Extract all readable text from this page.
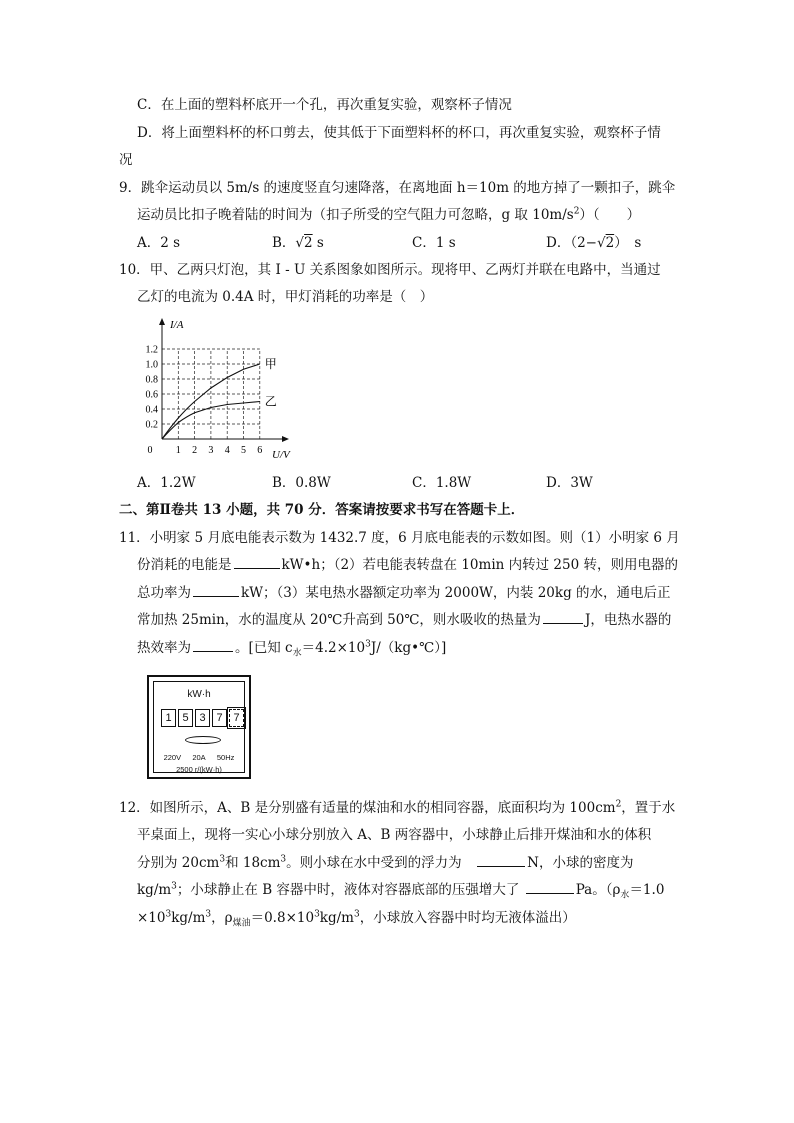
C．在上面的塑料杯底开一个孔，再次重复实验，观察杯子情况
D．将上面塑料杯的杯口剪去，使其低于下面塑料杯的杯口，再次重复实验，观察杯子情
况
9．跳伞运动员以 5m/s 的速度竖直匀速降落，在离地面 h＝10m 的地方掉了一颗扣子，跳伞
运动员比扣子晚着陆的时间为（扣子所受的空气阻力可忽略，g 取 $10m/s^2$）（　　）
A．2 s	B．√2 s	C．1 s	D．（2−√2）　s
10．甲、乙两只灯泡，其 I - U 关系图象如图所示。现将甲、乙两灯并联在电路中，当通过
乙灯的电流为 0.4A 时，甲灯消耗的功率是（　）
1 2 3 4 5 6
0.2
0.4
0.6
0.8
1.0
1.2
0
I/A
U/V
甲
乙
A．1.2W	B．0.8W	C．1.8W	D．3W
二、第Ⅱ卷共 13 小题，共 70 分．答案请按要求书写在答题卡上．
11．小明家 5 月底电能表示数为 1432.7 度，6 月底电能表的示数如图。则（1）小明家 6 月
份消耗的电能是	kW•h；（2）若电能表转盘在 10min 内转过 250 转，则用电器的
总功率为	kW；（3）某电热水器额定功率为 2000W，内装 20kg 的水，通电后正
常加热 25min，水的温度从 20℃升高到 50℃，则水吸收的热量为	J，电热水器的
热效率为	。[已知 $c_水=4.2\times 10^3J/(kg•℃)$]
kW·h
1 5 3 7 7
220V 20A 50Hz
2500 r/(kW·h)
12．如图所示，A、B 是分别盛有适量的煤油和水的相同容器，底面积均为 $100cm^2$，置于水
平桌面上，现将一实心小球分别放入 A、B 两容器中，小球静止后排开煤油和水的体积
分别为 $20cm^3$和 $18cm^3$。则小球在水中受到的浮力为　	N，小球的密度为
$kg/m^3$；小球静止在 B 容器中时，液体对容器底部的压强增大了	Pa。（$\rho_水=1.0$
$\times 10^3kg/m^3$，$\rho_{煤油}=0.8\times 10^3kg/m^3$，小球放入容器中时均无液体溢出）
